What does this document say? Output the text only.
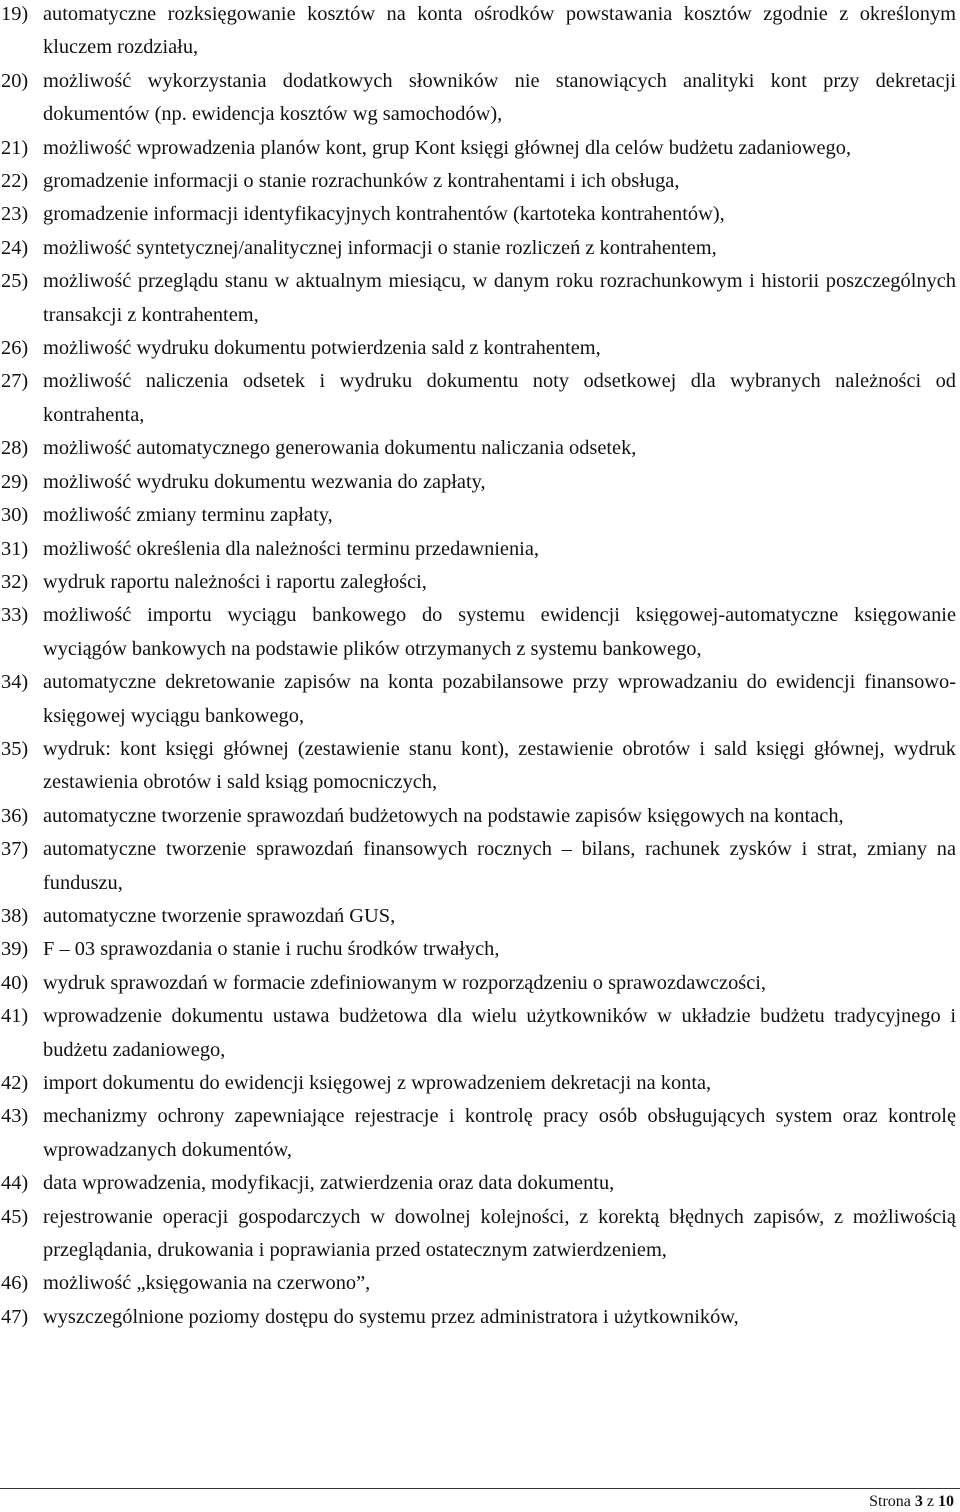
19) automatyczne rozksięgowanie kosztów na konta ośrodków powstawania kosztów zgodnie z określonym kluczem rozdziału,
20) możliwość wykorzystania dodatkowych słowników nie stanowiących analityki kont przy dekretacji dokumentów (np. ewidencja kosztów wg samochodów),
21) możliwość wprowadzenia planów kont, grup Kont księgi głównej dla celów budżetu zadaniowego,
22) gromadzenie informacji o stanie rozrachunków z kontrahentami i ich obsługa,
23) gromadzenie informacji identyfikacyjnych kontrahentów (kartoteka kontrahentów),
24) możliwość syntetycznej/analitycznej informacji o stanie rozliczeń z kontrahentem,
25) możliwość przeglądu stanu w aktualnym miesiącu, w danym roku rozrachunkowym i historii poszczególnych transakcji z kontrahentem,
26) możliwość wydruku dokumentu potwierdzenia sald z kontrahentem,
27) możliwość naliczenia odsetek i wydruku dokumentu noty odsetkowej dla wybranych należności od kontrahenta,
28) możliwość automatycznego generowania dokumentu naliczania odsetek,
29) możliwość wydruku dokumentu wezwania do zapłaty,
30) możliwość zmiany terminu zapłaty,
31) możliwość określenia dla należności terminu przedawnienia,
32) wydruk raportu należności i raportu zaległości,
33) możliwość importu wyciągu bankowego do systemu ewidencji księgowej-automatyczne księgowanie wyciągów bankowych na podstawie plików otrzymanych z systemu bankowego,
34) automatyczne dekretowanie zapisów na konta pozabilansowe przy wprowadzaniu do ewidencji finansowo-księgowej wyciągu bankowego,
35) wydruk: kont księgi głównej (zestawienie stanu kont), zestawienie obrotów i sald księgi głównej, wydruk zestawienia obrotów i sald ksiąg pomocniczych,
36) automatyczne tworzenie sprawozdań budżetowych na podstawie zapisów księgowych na kontach,
37) automatyczne tworzenie sprawozdań finansowych rocznych – bilans, rachunek zysków i strat, zmiany na funduszu,
38) automatyczne tworzenie sprawozdań GUS,
39) F – 03 sprawozdania o stanie i ruchu środków trwałych,
40) wydruk sprawozdań w formacie zdefiniowanym w rozporządzeniu o sprawozdawczości,
41) wprowadzenie dokumentu ustawa budżetowa dla wielu użytkowników w układzie budżetu tradycyjnego i budżetu zadaniowego,
42) import dokumentu do ewidencji księgowej z wprowadzeniem dekretacji na konta,
43) mechanizmy ochrony zapewniające rejestracje i kontrolę pracy osób obsługujących system oraz kontrolę wprowadzanych dokumentów,
44) data wprowadzenia, modyfikacji, zatwierdzenia oraz data dokumentu,
45) rejestrowanie operacji gospodarczych w dowolnej kolejności, z korektą błędnych zapisów, z możliwością przeglądania, drukowania i poprawiania przed ostatecznym zatwierdzeniem,
46) możliwość „księgowania na czerwono”,
47) wyszczególnione poziomy dostępu do systemu przez administratora i użytkowników,
Strona 3 z 10
